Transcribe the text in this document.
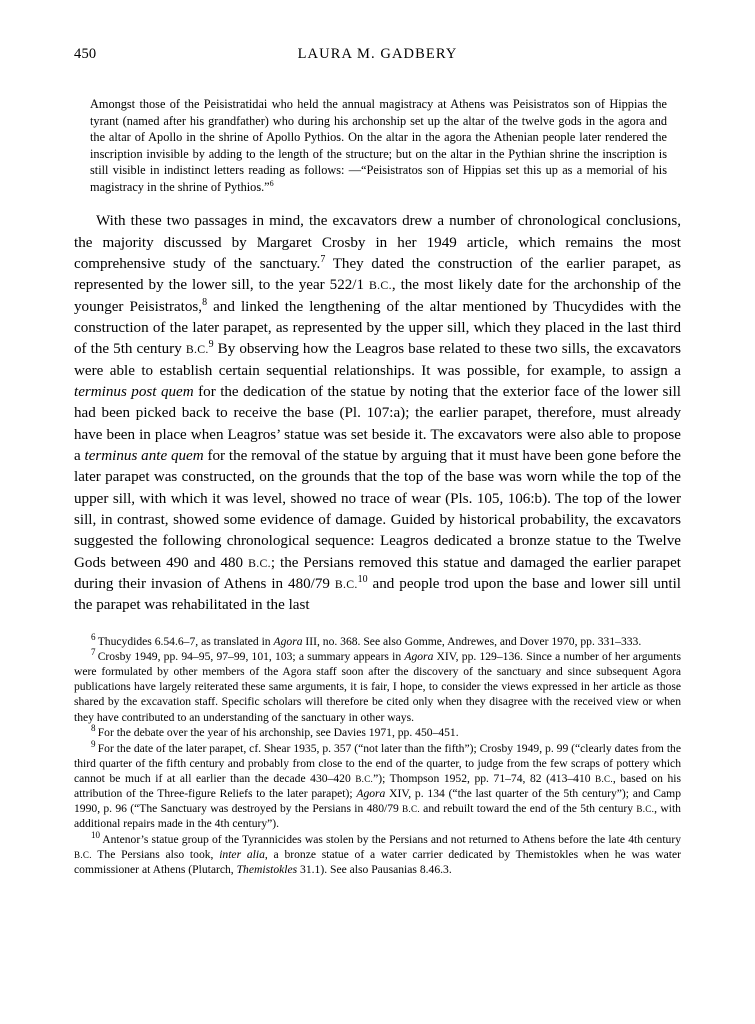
450	LAURA M. GADBERY
Amongst those of the Peisistratidai who held the annual magistracy at Athens was Peisistratos son of Hippias the tyrant (named after his grandfather) who during his archonship set up the altar of the twelve gods in the agora and the altar of Apollo in the shrine of Apollo Pythios. On the altar in the agora the Athenian people later rendered the inscription invisible by adding to the length of the structure; but on the altar in the Pythian shrine the inscription is still visible in indistinct letters reading as follows: —“Peisistratos son of Hippias set this up as a memorial of his magistracy in the shrine of Pythios.”$^6$

With these two passages in mind, the excavators drew a number of chronological conclusions, the majority discussed by Margaret Crosby in her 1949 article, which remains the most comprehensive study of the sanctuary.$^7$ They dated the construction of the earlier parapet, as represented by the lower sill, to the year 522/1 B.C., the most likely date for the archonship of the younger Peisistratos,$^8$ and linked the lengthening of the altar mentioned by Thucydides with the construction of the later parapet, as represented by the upper sill, which they placed in the last third of the 5th century B.C.$^9$ By observing how the Leagros base related to these two sills, the excavators were able to establish certain sequential relationships. It was possible, for example, to assign a terminus post quem for the dedication of the statue by noting that the exterior face of the lower sill had been picked back to receive the base (Pl. 107:a); the earlier parapet, therefore, must already have been in place when Leagros’ statue was set beside it. The excavators were also able to propose a terminus ante quem for the removal of the statue by arguing that it must have been gone before the later parapet was constructed, on the grounds that the top of the base was worn while the top of the upper sill, with which it was level, showed no trace of wear (Pls. 105, 106:b). The top of the lower sill, in contrast, showed some evidence of damage. Guided by historical probability, the excavators suggested the following chronological sequence: Leagros dedicated a bronze statue to the Twelve Gods between 490 and 480 B.C.; the Persians removed this statue and damaged the earlier parapet during their invasion of Athens in 480/79 B.C.$^{10}$ and people trod upon the base and lower sill until the parapet was rehabilitated in the last

$^6$ Thucydides 6.54.6–7, as translated in Agora III, no. 368. See also Gomme, Andrewes, and Dover 1970, pp. 331–333.

$^7$ Crosby 1949, pp. 94–95, 97–99, 101, 103; a summary appears in Agora XIV, pp. 129–136. Since a number of her arguments were formulated by other members of the Agora staff soon after the discovery of the sanctuary and since subsequent Agora publications have largely reiterated these same arguments, it is fair, I hope, to consider the views expressed in her article as those shared by the excavation staff. Specific scholars will therefore be cited only when they disagree with the received view or when they have contributed to an understanding of the sanctuary in other ways.

$^8$ For the debate over the year of his archonship, see Davies 1971, pp. 450–451.

$^9$ For the date of the later parapet, cf. Shear 1935, p. 357 (“not later than the fifth”); Crosby 1949, p. 99 (“clearly dates from the third quarter of the fifth century and probably from close to the end of the quarter, to judge from the few scraps of pottery which cannot be much if at all earlier than the decade 430–420 B.C.”); Thompson 1952, pp. 71–74, 82 (413–410 B.C., based on his attribution of the Three-figure Reliefs to the later parapet); Agora XIV, p. 134 (“the last quarter of the 5th century”); and Camp 1990, p. 96 (“The Sanctuary was destroyed by the Persians in 480/79 B.C. and rebuilt toward the end of the 5th century B.C., with additional repairs made in the 4th century”).

$^{10}$ Antenor’s statue group of the Tyrannicides was stolen by the Persians and not returned to Athens before the late 4th century B.C. The Persians also took, inter alia, a bronze statue of a water carrier dedicated by Themistokles when he was water commissioner at Athens (Plutarch, Themistokles 31.1). See also Pausanias 8.46.3.
